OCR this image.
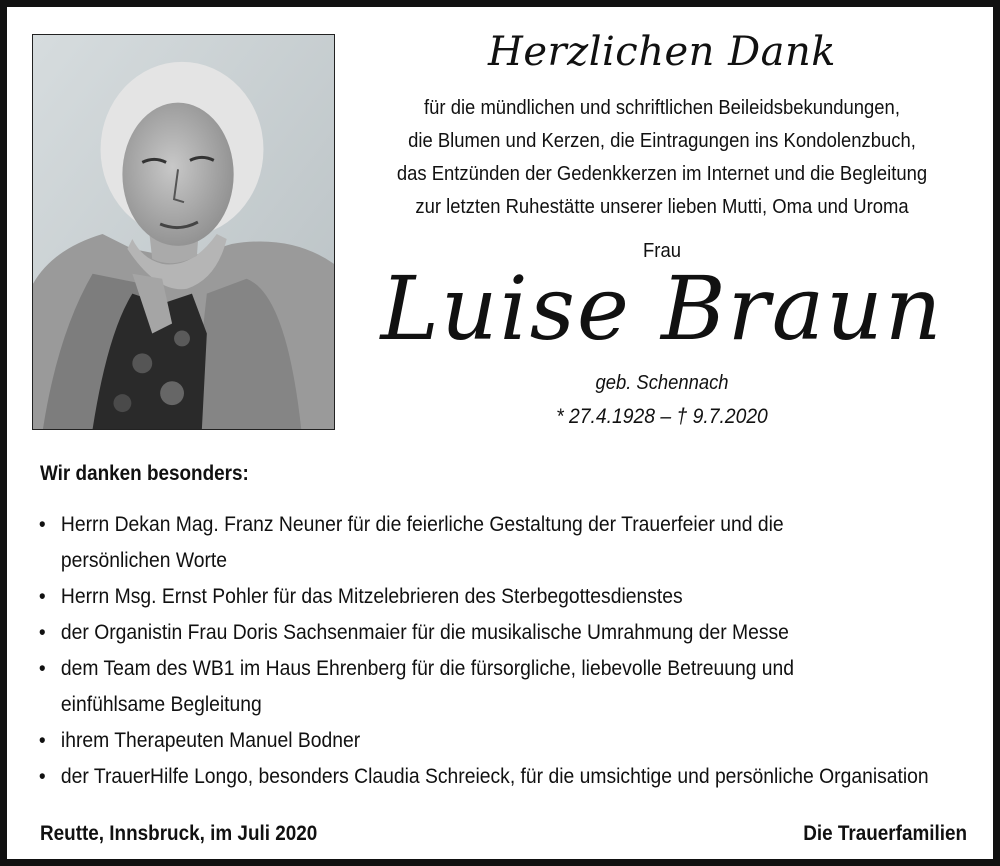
Herzlichen Dank
für die mündlichen und schriftlichen Beileidsbekundungen,
die Blumen und Kerzen, die Eintragungen ins Kondolenzbuch,
das Entzünden der Gedenkkerzen im Internet und die Begleitung
zur letzten Ruhestätte unserer lieben Mutti, Oma und Uroma
Frau
Luise Braun
geb. Schennach
* 27.4.1928 – † 9.7.2020
Wir danken besonders:
• Herrn Dekan Mag. Franz Neuner für die feierliche Gestaltung der Trauerfeier und die
persönlichen Worte
• Herrn Msg. Ernst Pohler für das Mitzelebrieren des Sterbegottesdienstes
• der Organistin Frau Doris Sachsenmaier für die musikalische Umrahmung der Messe
• dem Team des WB1 im Haus Ehrenberg für die fürsorgliche, liebevolle Betreuung und
einfühlsame Begleitung
• ihrem Therapeuten Manuel Bodner
• der TrauerHilfe Longo, besonders Claudia Schreieck, für die umsichtige und persönliche Organisation
Reutte, Innsbruck, im Juli 2020	Die Trauerfamilien
